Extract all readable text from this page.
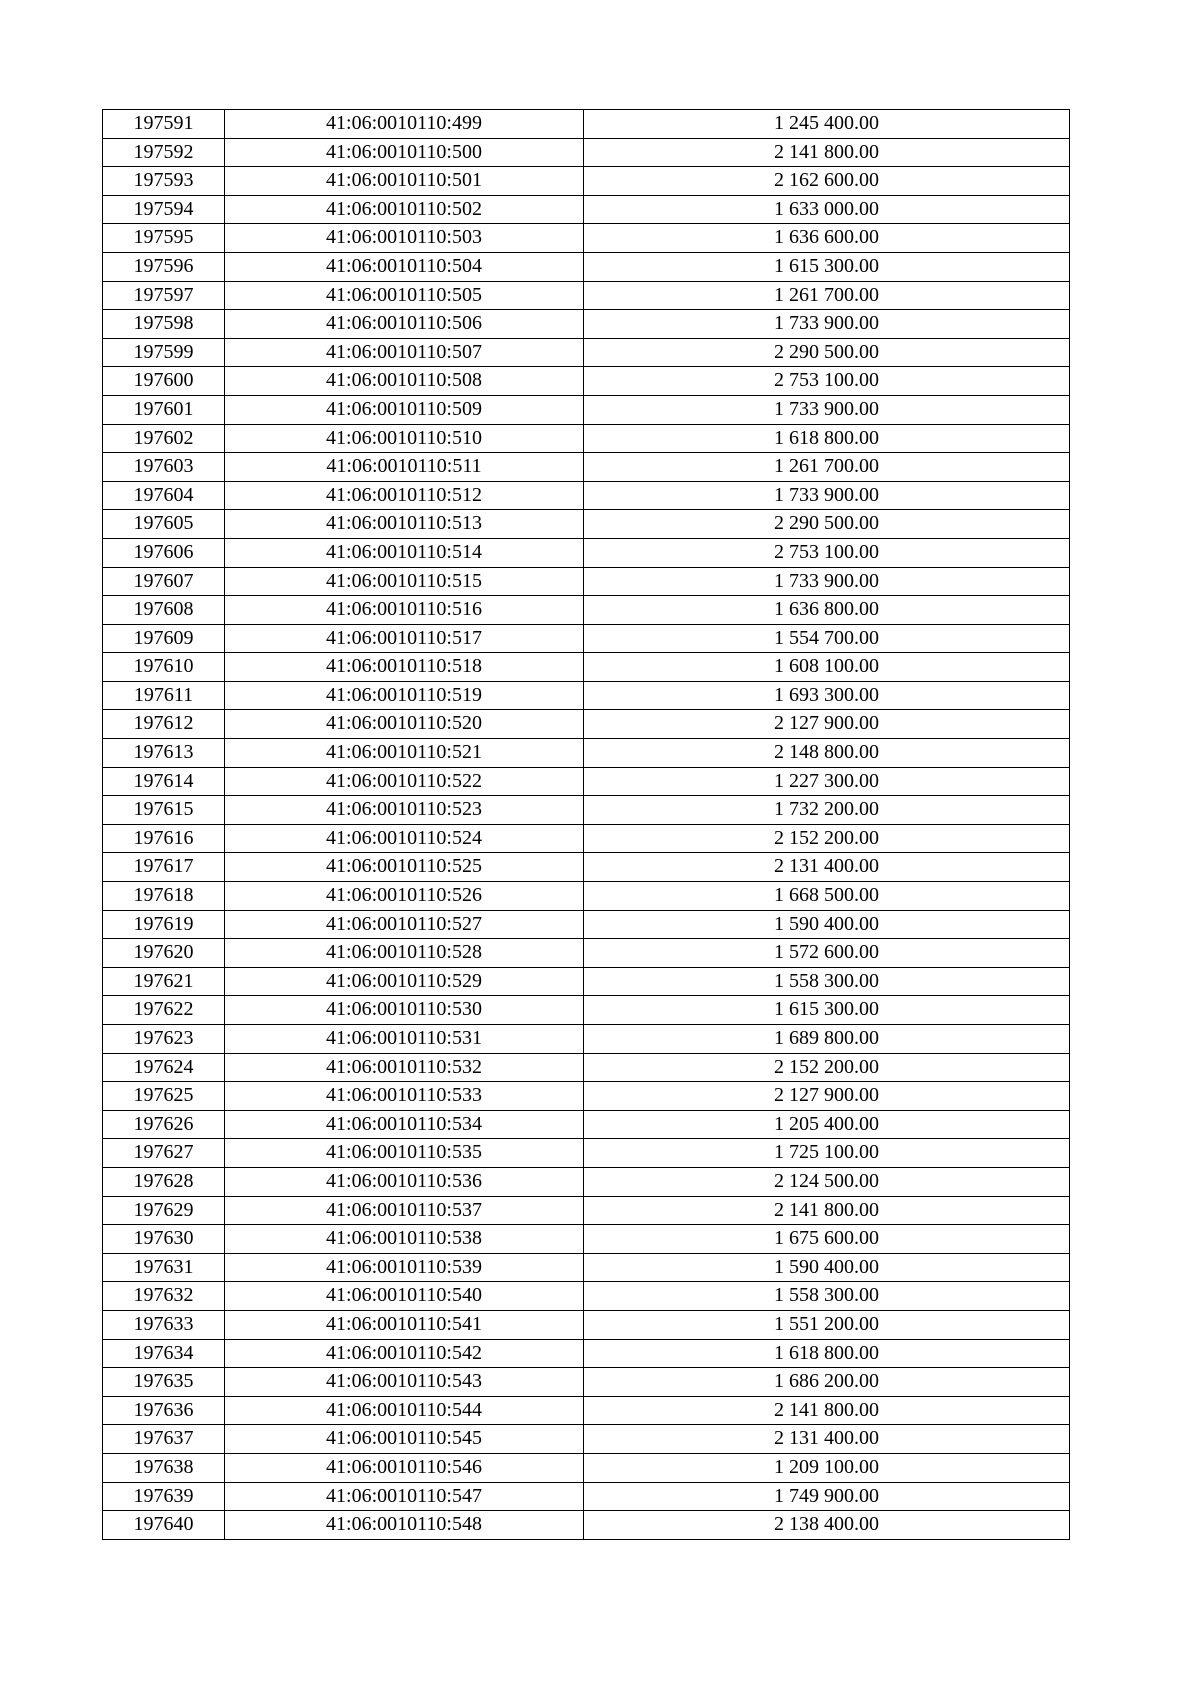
197591	41:06:0010110:499	1 245 400.00
197592	41:06:0010110:500	2 141 800.00
197593	41:06:0010110:501	2 162 600.00
197594	41:06:0010110:502	1 633 000.00
197595	41:06:0010110:503	1 636 600.00
197596	41:06:0010110:504	1 615 300.00
197597	41:06:0010110:505	1 261 700.00
197598	41:06:0010110:506	1 733 900.00
197599	41:06:0010110:507	2 290 500.00
197600	41:06:0010110:508	2 753 100.00
197601	41:06:0010110:509	1 733 900.00
197602	41:06:0010110:510	1 618 800.00
197603	41:06:0010110:511	1 261 700.00
197604	41:06:0010110:512	1 733 900.00
197605	41:06:0010110:513	2 290 500.00
197606	41:06:0010110:514	2 753 100.00
197607	41:06:0010110:515	1 733 900.00
197608	41:06:0010110:516	1 636 800.00
197609	41:06:0010110:517	1 554 700.00
197610	41:06:0010110:518	1 608 100.00
197611	41:06:0010110:519	1 693 300.00
197612	41:06:0010110:520	2 127 900.00
197613	41:06:0010110:521	2 148 800.00
197614	41:06:0010110:522	1 227 300.00
197615	41:06:0010110:523	1 732 200.00
197616	41:06:0010110:524	2 152 200.00
197617	41:06:0010110:525	2 131 400.00
197618	41:06:0010110:526	1 668 500.00
197619	41:06:0010110:527	1 590 400.00
197620	41:06:0010110:528	1 572 600.00
197621	41:06:0010110:529	1 558 300.00
197622	41:06:0010110:530	1 615 300.00
197623	41:06:0010110:531	1 689 800.00
197624	41:06:0010110:532	2 152 200.00
197625	41:06:0010110:533	2 127 900.00
197626	41:06:0010110:534	1 205 400.00
197627	41:06:0010110:535	1 725 100.00
197628	41:06:0010110:536	2 124 500.00
197629	41:06:0010110:537	2 141 800.00
197630	41:06:0010110:538	1 675 600.00
197631	41:06:0010110:539	1 590 400.00
197632	41:06:0010110:540	1 558 300.00
197633	41:06:0010110:541	1 551 200.00
197634	41:06:0010110:542	1 618 800.00
197635	41:06:0010110:543	1 686 200.00
197636	41:06:0010110:544	2 141 800.00
197637	41:06:0010110:545	2 131 400.00
197638	41:06:0010110:546	1 209 100.00
197639	41:06:0010110:547	1 749 900.00
197640	41:06:0010110:548	2 138 400.00
